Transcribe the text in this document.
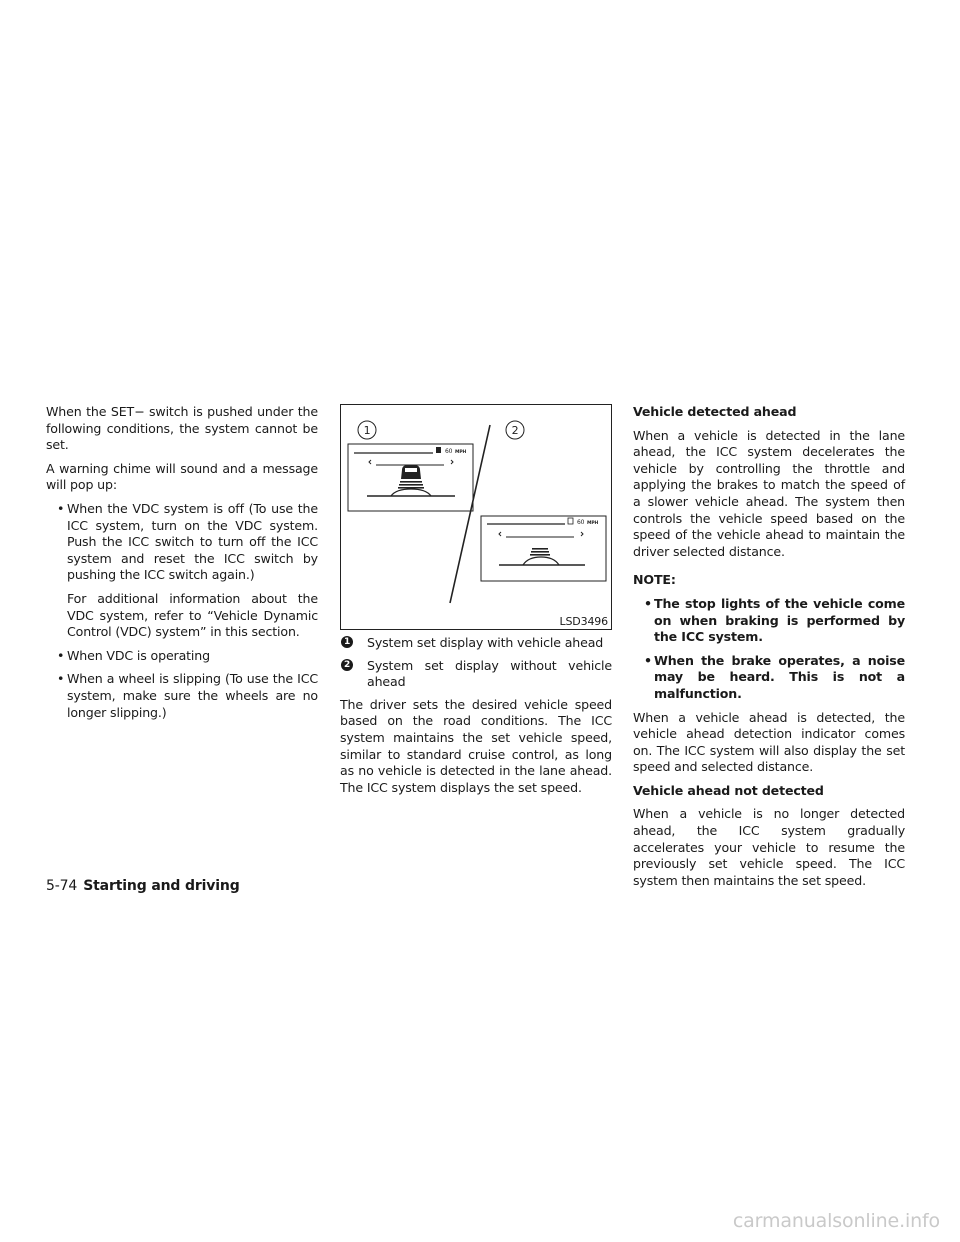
When the SET− switch is pushed under the following conditions, the system cannot be set.

A warning chime will sound and a message will pop up:

• When the VDC system is off (To use the ICC system, turn on the VDC system. Push the ICC switch to turn off the ICC system and reset the ICC switch by pushing the ICC switch again.)
For additional information about the VDC system, refer to “Vehicle Dynamic Control (VDC) system” in this section.
• When VDC is operating
• When a wheel is slipping (To use the ICC system, make sure the wheels are no longer slipping.)
1	2
60 MPH
60 MPH
LSD3496
1 System set display with vehicle ahead
2 System set display without vehicle ahead

The driver sets the desired vehicle speed based on the road conditions. The ICC system maintains the set vehicle speed, similar to standard cruise control, as long as no vehicle is detected in the lane ahead. The ICC system displays the set speed.

Vehicle detected ahead

When a vehicle is detected in the lane ahead, the ICC system decelerates the vehicle by controlling the throttle and applying the brakes to match the speed of a slower vehicle ahead. The system then controls the vehicle speed based on the speed of the vehicle ahead to maintain the driver selected distance.

NOTE:
• The stop lights of the vehicle come on when braking is performed by the ICC system.
• When the brake operates, a noise may be heard. This is not a malfunction.

When a vehicle ahead is detected, the vehicle ahead detection indicator comes on. The ICC system will also display the set speed and selected distance.

Vehicle ahead not detected

When a vehicle is no longer detected ahead, the ICC system gradually accelerates your vehicle to resume the previously set vehicle speed. The ICC system then maintains the set speed.

5-74 Starting and driving
carmanualsonline.info
